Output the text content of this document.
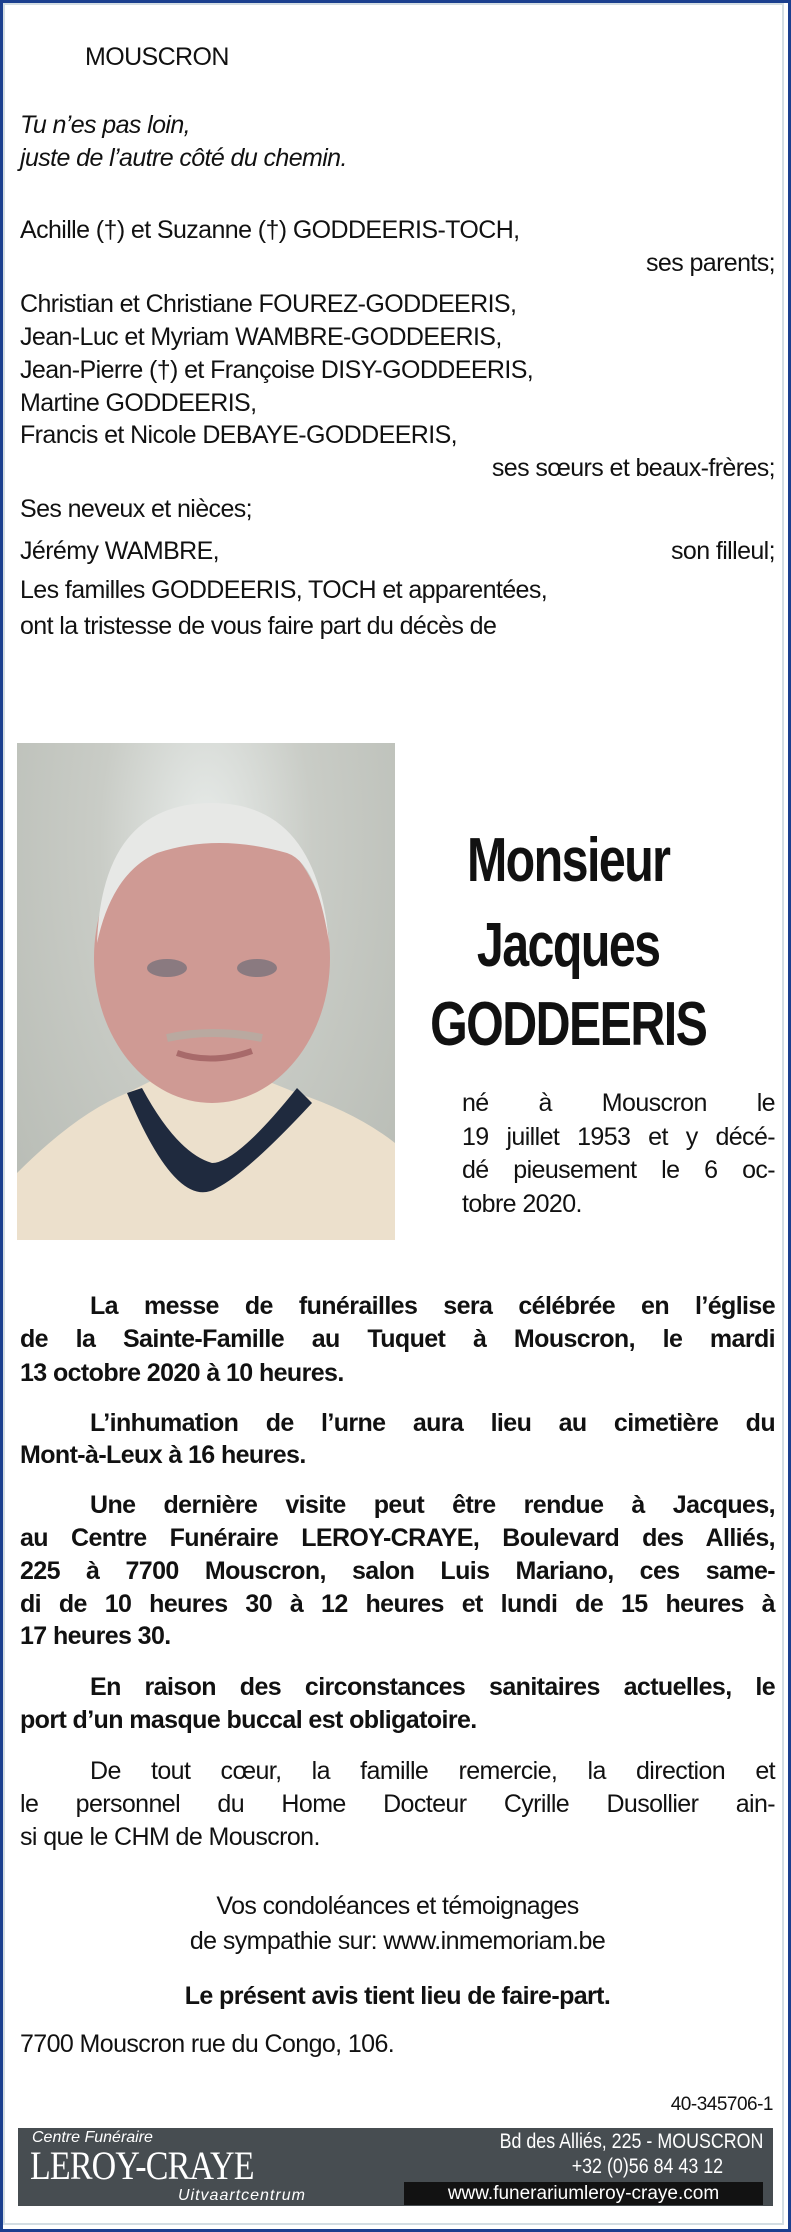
MOUSCRON
Tu n’es pas loin,
juste de l’autre côté du chemin.
Achille (†) et Suzanne (†) GODDEERIS-TOCH,
ses parents;
Christian et Christiane FOUREZ-GODDEERIS,
Jean-Luc et Myriam WAMBRE-GODDEERIS,
Jean-Pierre (†) et Françoise DISY-GODDEERIS,
Martine GODDEERIS,
Francis et Nicole DEBAYE-GODDEERIS,
ses sœurs et beaux-frères;
Ses neveux et nièces;
Jérémy WAMBRE,	son filleul;
Les familles GODDEERIS, TOCH et apparentées,
ont la tristesse de vous faire part du décès de
Monsieur
Jacques
GODDEERIS
né à Mouscron le
19 juillet 1953 et y décé-
dé pieusement le 6 oc-
tobre 2020.
La messe de funérailles sera célébrée en l’église
de la Sainte-Famille au Tuquet à Mouscron, le mardi
13 octobre 2020 à 10 heures.
L’inhumation de l’urne aura lieu au cimetière du
Mont-à-Leux à 16 heures.
Une dernière visite peut être rendue à Jacques,
au Centre Funéraire LEROY-CRAYE, Boulevard des Alliés,
225 à 7700 Mouscron, salon Luis Mariano, ces same-
di de 10 heures 30 à 12 heures et lundi de 15 heures à
17 heures 30.
En raison des circonstances sanitaires actuelles, le
port d’un masque buccal est obligatoire.
De tout cœur, la famille remercie, la direction et
le personnel du Home Docteur Cyrille Dusollier ain-
si que le CHM de Mouscron.
Vos condoléances et témoignages
de sympathie sur: www.inmemoriam.be
Le présent avis tient lieu de faire-part.
7700 Mouscron rue du Congo, 106.
40-345706-1
Centre Funéraire
LEROY-CRAYE
Uitvaartcentrum
Bd des Alliés, 225 - MOUSCRON
+32 (0)56 84 43 12
www.funerariumleroy-craye.com
